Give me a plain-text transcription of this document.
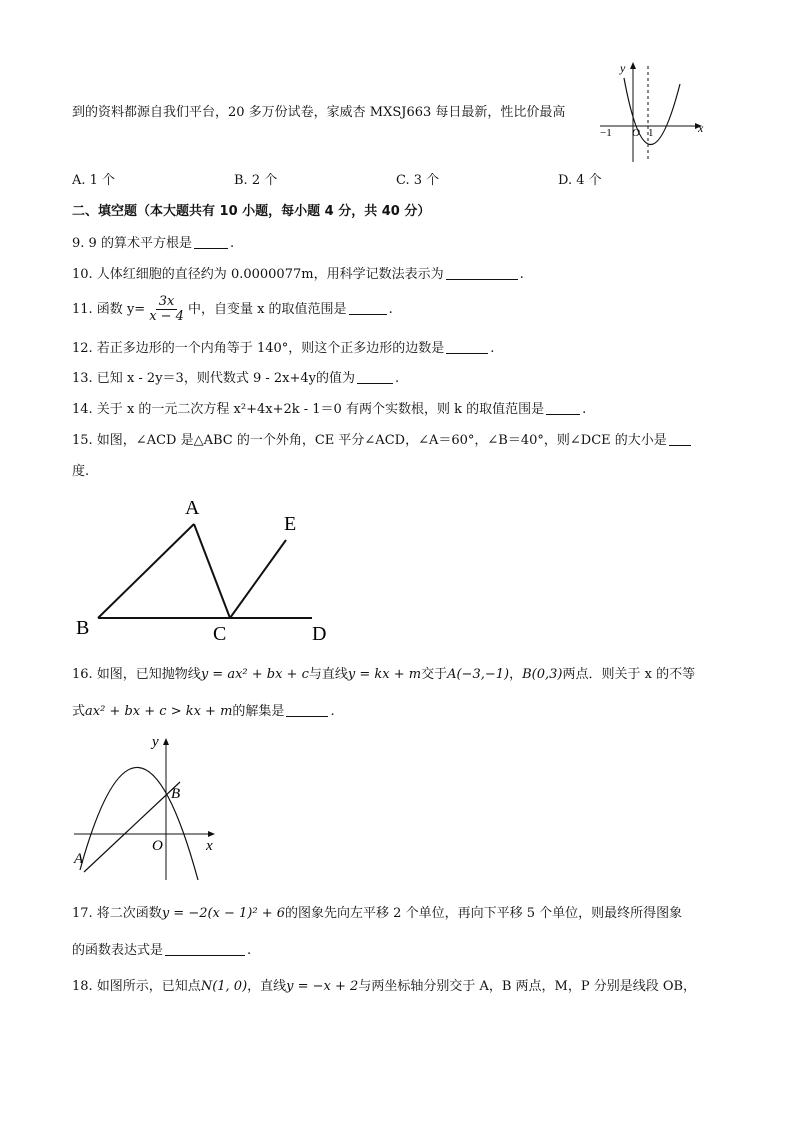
到的资料都源自我们平台，20 多万份试卷，家威杏 MXSJ663 每日最新，性比价最高
y
x
−1 O 1
A. 1 个	B. 2 个	C. 3 个	D. 4 个
二、填空题（本大题共有 10 小题，每小题 4 分，共 40 分）
9. 9 的算术平方根是	.
10. 人体红细胞的直径约为 0.0000077m，用科学记数法表示为	.
11. 函数 $y= \frac{3x}{x - 4}$ 中，自变量 x 的取值范围是	.
12. 若正多边形的一个内角等于 140°，则这个正多边形的边数是	.
13. 已知 x - 2y＝3，则代数式 9 - 2x+4y的值为	.
14. 关于 x 的一元二次方程 x²+4x+2k - 1＝0 有两个实数根，则 k 的取值范围是	.
15. 如图，∠ACD 是△ABC 的一个外角，CE 平分∠ACD，∠A＝60°，∠B＝40°，则∠DCE 的大小是
度.
A
B	C	D
E
16. 如图，已知抛物线y = ax² + bx + c与直线y = kx + m交于A(−3,−1)，B(0,3)两点．则关于 x 的不等
式ax² + bx + c > kx + m的解集是	.
y
x
O
A
B
17. 将二次函数y = −2(x − 1)² + 6的图象先向左平移 2 个单位，再向下平移 5 个单位，则最终所得图象
的函数表达式是	.
18. 如图所示，已知点N(1, 0)，直线y = −x + 2与两坐标轴分别交于 A，B 两点，M，P 分别是线段 OB，
